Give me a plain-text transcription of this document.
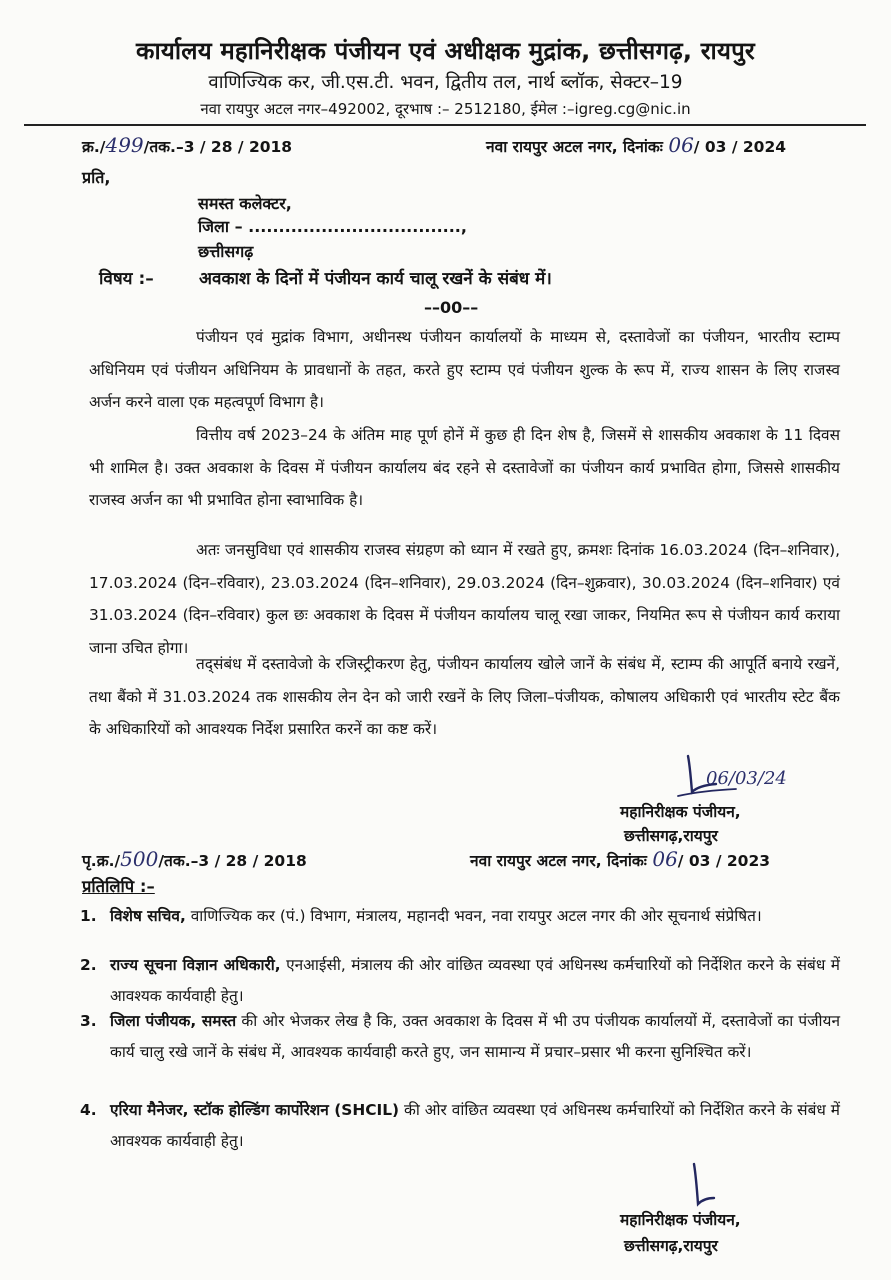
कार्यालय महानिरीक्षक पंजीयन एवं अधीक्षक मुद्रांक, छत्तीसगढ़, रायपुर
वाणिज्यिक कर, जी.एस.टी. भवन, द्वितीय तल, नार्थ ब्लॉक, सेक्टर–19
नवा रायपुर अटल नगर–492002, दूरभाष :– 2512180, ईमेल :–igreg.cg@nic.in
क्र./499/तक.–3 / 28 / 2018	नवा रायपुर अटल नगर, दिनांकः 06/ 03 / 2024
प्रति,
समस्त कलेक्टर,
जिला – ...................................,
छत्तीसगढ़
विषय :–	अवकाश के दिनों में पंजीयन कार्य चालू रखनें के संबंध में।
––00––
पंजीयन एवं मुद्रांक विभाग, अधीनस्थ पंजीयन कार्यालयों के माध्यम से, दस्तावेजों का पंजीयन, भारतीय स्टाम्प अधिनियम एवं पंजीयन अधिनियम के प्रावधानों के तहत, करते हुए स्टाम्प एवं पंजीयन शुल्क के रूप में, राज्य शासन के लिए राजस्व अर्जन करने वाला एक महत्वपूर्ण विभाग है।
वित्तीय वर्ष 2023–24 के अंतिम माह पूर्ण होनें में कुछ ही दिन शेष है, जिसमें से शासकीय अवकाश के 11 दिवस भी शामिल है। उक्त अवकाश के दिवस में पंजीयन कार्यालय बंद रहने से दस्तावेजों का पंजीयन कार्य प्रभावित होगा, जिससे शासकीय राजस्व अर्जन का भी प्रभावित होना स्वाभाविक है।
अतः जनसुविधा एवं शासकीय राजस्व संग्रहण को ध्यान में रखते हुए, क्रमशः दिनांक 16.03.2024 (दिन–शनिवार), 17.03.2024 (दिन–रविवार), 23.03.2024 (दिन–शनिवार), 29.03.2024 (दिन–शुक्रवार), 30.03.2024 (दिन–शनिवार) एवं 31.03.2024 (दिन–रविवार) कुल छः अवकाश के दिवस में पंजीयन कार्यालय चालू रखा जाकर, नियमित रूप से पंजीयन कार्य कराया जाना उचित होगा।
तद्संबंध में दस्तावेजो के रजिस्ट्रीकरण हेतु, पंजीयन कार्यालय खोले जानें के संबंध में, स्टाम्प की आपूर्ति बनाये रखनें, तथा बैंको में 31.03.2024 तक शासकीय लेन देन को जारी रखनें के लिए जिला–पंजीयक, कोषालय अधिकारी एवं भारतीय स्टेट बैंक के अधिकारियों को आवश्यक निर्देश प्रसारित करनें का कष्ट करें।
06/03/24
महानिरीक्षक पंजीयन,
छत्तीसगढ़,रायपुर
पृ.क्र./500/तक.–3 / 28 / 2018	नवा रायपुर अटल नगर, दिनांकः 06/ 03 / 2023
प्रतिलिपि :–
1. विशेष सचिव, वाणिज्यिक कर (पं.) विभाग, मंत्रालय, महानदी भवन, नवा रायपुर अटल नगर की ओर सूचनार्थ संप्रेषित।
2. राज्य सूचना विज्ञान अधिकारी, एनआईसी, मंत्रालय की ओर वांछित व्यवस्था एवं अधिनस्थ कर्मचारियों को निर्देशित करने के संबंध में आवश्यक कार्यवाही हेतु।
3. जिला पंजीयक, समस्त की ओर भेजकर लेख है कि, उक्त अवकाश के दिवस में भी उप पंजीयक कार्यालयों में, दस्तावेजों का पंजीयन कार्य चालु रखे जानें के संबंध में, आवश्यक कार्यवाही करते हुए, जन सामान्य में प्रचार–प्रसार भी करना सुनिश्चित करें।
4. एरिया मैनेजर, स्टॉक होल्डिंग कार्पोरेशन (SHCIL) की ओर वांछित व्यवस्था एवं अधिनस्थ कर्मचारियों को निर्देशित करने के संबंध में आवश्यक कार्यवाही हेतु।
महानिरीक्षक पंजीयन,
छत्तीसगढ़,रायपुर
